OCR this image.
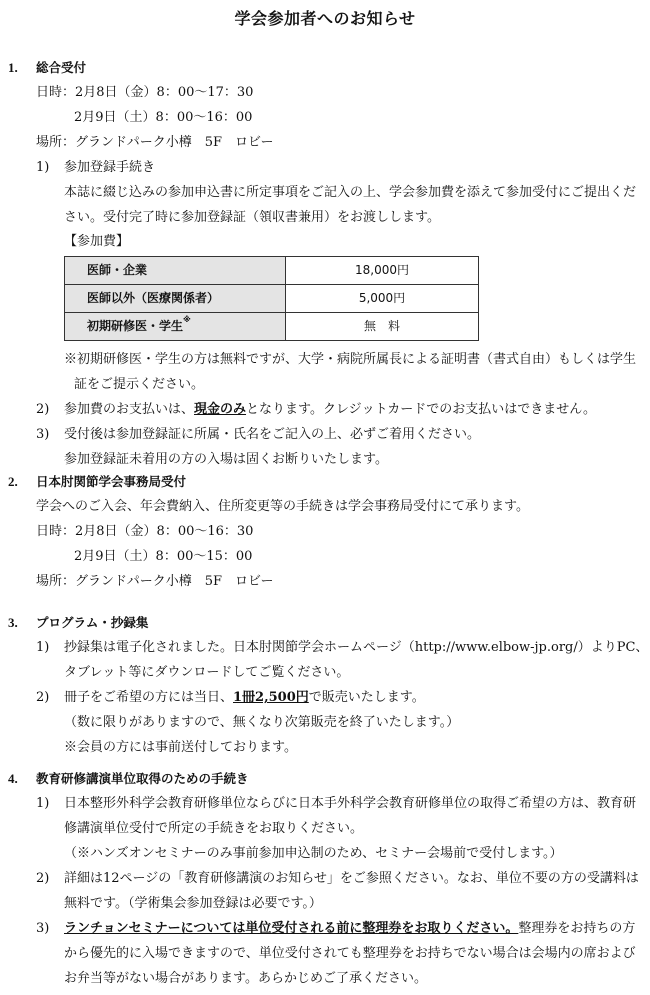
学会参加者へのお知らせ
1. 総合受付
日時：2月8日（金）8：00〜17：30
2月9日（土）8：00〜16：00
場所：グランドパーク小樽　5F　ロビー
1) 参加登録手続き
本誌に綴じ込みの参加申込書に所定事項をご記入の上、学会参加費を添えて参加受付にご提出くだ
さい。受付完了時に参加登録証（領収書兼用）をお渡しします。
【参加費】
医師・企業	18,000円
医師以外（医療関係者）	5,000円
初期研修医・学生※	無　料
※初期研修医・学生の方は無料ですが、大学・病院所属長による証明書（書式自由）もしくは学生
証をご提示ください。
2) 参加費のお支払いは、現金のみとなります。クレジットカードでのお支払いはできません。
3) 受付後は参加登録証に所属・氏名をご記入の上、必ずご着用ください。
参加登録証未着用の方の入場は固くお断りいたします。
2. 日本肘関節学会事務局受付
学会へのご入会、年会費納入、住所変更等の手続きは学会事務局受付にて承ります。
日時：2月8日（金）8：00〜16：30
2月9日（土）8：00〜15：00
場所：グランドパーク小樽　5F　ロビー
3. プログラム・抄録集
1) 抄録集は電子化されました。日本肘関節学会ホームページ（http://www.elbow-jp.org/）よりPC、
タブレット等にダウンロードしてご覧ください。
2) 冊子をご希望の方には当日、1冊2,500円で販売いたします。
（数に限りがありますので、無くなり次第販売を終了いたします。）
※会員の方には事前送付しております。
4. 教育研修講演単位取得のための手続き
1) 日本整形外科学会教育研修単位ならびに日本手外科学会教育研修単位の取得ご希望の方は、教育研
修講演単位受付で所定の手続きをお取りください。
（※ハンズオンセミナーのみ事前参加申込制のため、セミナー会場前で受付します。）
2) 詳細は12ページの「教育研修講演のお知らせ」をご参照ください。なお、単位不要の方の受講料は
無料です。（学術集会参加登録は必要です。）
3) ランチョンセミナーについては単位受付される前に整理券をお取りください。整理券をお持ちの方
から優先的に入場できますので、単位受付されても整理券をお持ちでない場合は会場内の席および
お弁当等がない場合があります。あらかじめご了承ください。
